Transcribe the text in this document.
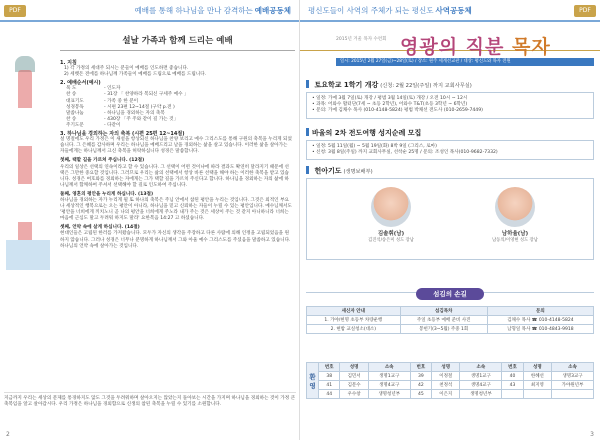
예배를 통해 하나님을 만나 감격하는 예배공동체
PDF
설날 가족과 함께 드리는 예배
1. 지침
1) 각 가정의 세대주 되시는 분들이 예배를 인도하면 좋습니다.
2) 세뱃돈 전에를 하나님께 가족들이 예배를 드림으로 예배를 드립니다.
2. 예배순서(예시)
묵 도	- 인도자
찬 송	- 31장 「 찬양하라 복되신 구세주 예수 」
대표기도	- 가족 중 한 분이
성경봉독	- 시편 23편 12~14절 (구약 p.전 )
말씀나눔	- 하나님을 경외하는 자의 축복
찬 송	- 430장 「주 주와 같이 길 가는 것」
주기도문	- 다같이
3. 하나님을 경외하는 자의 축복 (시편 25편 12~14절)
설 명절에도 우리 가정은 이 새설을 항상되신 하나님을 찬양 보리고 예수 그리스도를 통해 구원의 축복을 누리게 되었습니다. 그 은혜를 감사하며 우리는 하나님을 예배드리고 날을 경외하는 삶을 살고 있습니다. 이러한 삶을 살아가는 자들에게는 하나님께서 크신 축복을 허락하십니다 성경은 말씀합니다.
첫째, 택할 길을 가르쳐 주십니다. (12절)
우리의 일상은 선택의 연속이라고 할 수 있습니다. 그 선택이 어떤 것이냐에 따라 결과도 확연히 달라지기 때문에 선택은 그만한 중요할 것입니다. 그러므로 우리는 삶의 선택에서 항상 바른 선택을 해야 하는 이러한 축복을 받고 있습니다. 성경은 여호와를 경외하는 자에게는 그가 택할 길을 가르치 주신다고 합니다. 하나님을 경외하는 자의 삶에 하나님께서 함께하여 주셔서 선택해야 할 길로 인도하여 주십니다.
둘째, 영혼의 평안을 누리게 하십니다. (13절)
하나님을 경외하는 자가 누리게 될 또 하나의 축복은 주님 안에서 참된 평안을 누리는 것입니다. 그것은 외적인 부요나 세상적인 행복으로는 오는 평안이 아니라, 하나님을 믿고 신뢰하는 자들이 누릴 수 있는 평안입니다. 예수님께서도 '평안을 너희에게 끼치노니 곧 나의 평안을 너희에게 주노라 내가 주는 것은 세상이 주는 것 같지 아니하니라 너희는 마음에 근심도 말고 두려워 하지도 말라' 요한복음 14:27 고 하셨습니다.
셋째, 언약 속에 살게 하십니다. (14절)
현대인들은 고립된 한러를 가져왔습니다. 모두가 자신의 생각을 주장하고 다른 사람에 의해 인정을 고립되었음을 원하지 않습니다. 그러나 성경은 너무나 분명하게 하나님께서 그와 아울 예수 그리스도를 주셨음을 말씀하고 있습니다. 하나님의 언약 속에 살아가는 것입니다.
지금까지 우리는 세상의 문제를 통경하지도 않도 그것을 두려워하며 살아오지는 않았는지 돌아보는 시간을 가지며 하나님을 경외하는 것이 가정 큰 축복임을 알고 살아갑시다. 우리 가정은 하나님을 경외함으로 신생의 참된 축복을 누릴 수 있기를 소원합니다.
2
평신도들이 사역의 주체가 되는 평신도 사역공동체	PDF
2015년 겨울 목자 수련회 영광의 직분 목자
일시: 2015년 2월 27일(금)~28일(토) / 장소: 원주 세계선교관 / 대상: 평신도와 목자 전원
토요학교 1학기 개강 (신청: 2월 22일(주일) 까지 교회사무실)
• 일정: 가예 3월 7일(토) 개강 / 평범 3월 14일(토) 개강 / 오전 10시 ~ 12시
• 과목: 어와수 활터단(7세 ~ 초등 2학년), 어와수 T&T(초등 3학년 ~ 6학년)
• 문의: 가예 김채수 목사 (010-4148-5824) 평범 박채선 전도사 (010-2659-7449)
바울의 2차 전도여행 성지순례 모집
• 일정: 5월 11일(월) ~ 5월 19일(화) 8박 9일 (그리스, 로마)
• 신청: 3월 8일(주일) 까지 교회사무실, 선착순 25명 / 문의: 조성인 목사(010-9682-7332)
헌아기도 (생명보배부)
김솔휘(남)
김진석/송은미 성도 장남
남하율(남)
남동의/이영현 성도 장남
섬김의 손길
새신자 안내	섬김목차	문의
1. 가야/현명 초등부 차량운행	주일 초등부 예배 준비 사진	김채수 목사 ☎ 010-4148-5824
2. 현밤 교실청소(대소)	봉헌기(3~5월) 주중 1회	남형일 목사 ☎ 010-4843-9918
환영	번호	성명	소속	번호	성명	소속	번호	성명	소속
	38	김민서	생명1교구	39	이정철	생명1교구	40	한혜선	생명3교구
	41	김문수	생명4교구	42	천정석	생명4교구	43	최지영	가야원년부
	44	우수창	생명청년부	45	이은지	생명청년부			
3
